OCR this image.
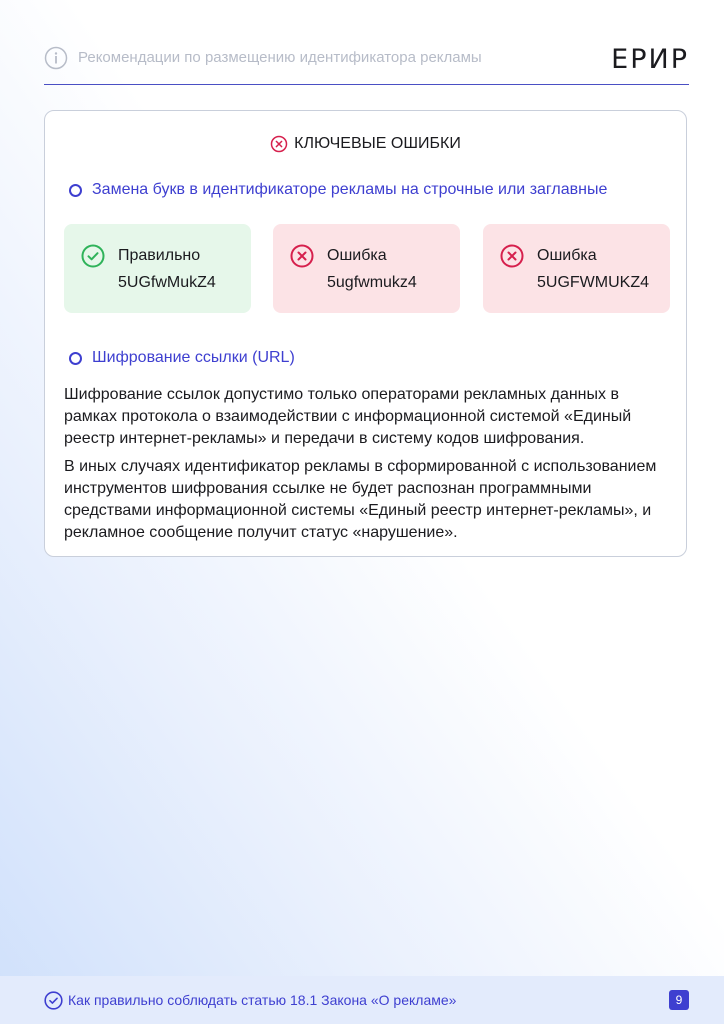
Рекомендации по размещению идентификатора рекламы	ЕРИР
КЛЮЧЕВЫЕ ОШИБКИ
Замена букв в идентификаторе рекламы на строчные или заглавные
Правильно
5UGfwMukZ4
Ошибка
5ugfwmukz4
Ошибка
5UGFWMUKZ4
Шифрование ссылки (URL)

Шифрование ссылок допустимо только операторами рекламных данных в рамках протокола о взаимодействии с информационной системой «Единый реестр интернет-рекламы» и передачи в систему кодов шифрования.

В иных случаях идентификатор рекламы в сформированной с использованием инструментов шифрования ссылке не будет распознан программными средствами информационной системы «Единый реестр интернет-рекламы», и рекламное сообщение получит статус «нарушение».

Как правильно соблюдать статью 18.1 Закона «О рекламе»	9
